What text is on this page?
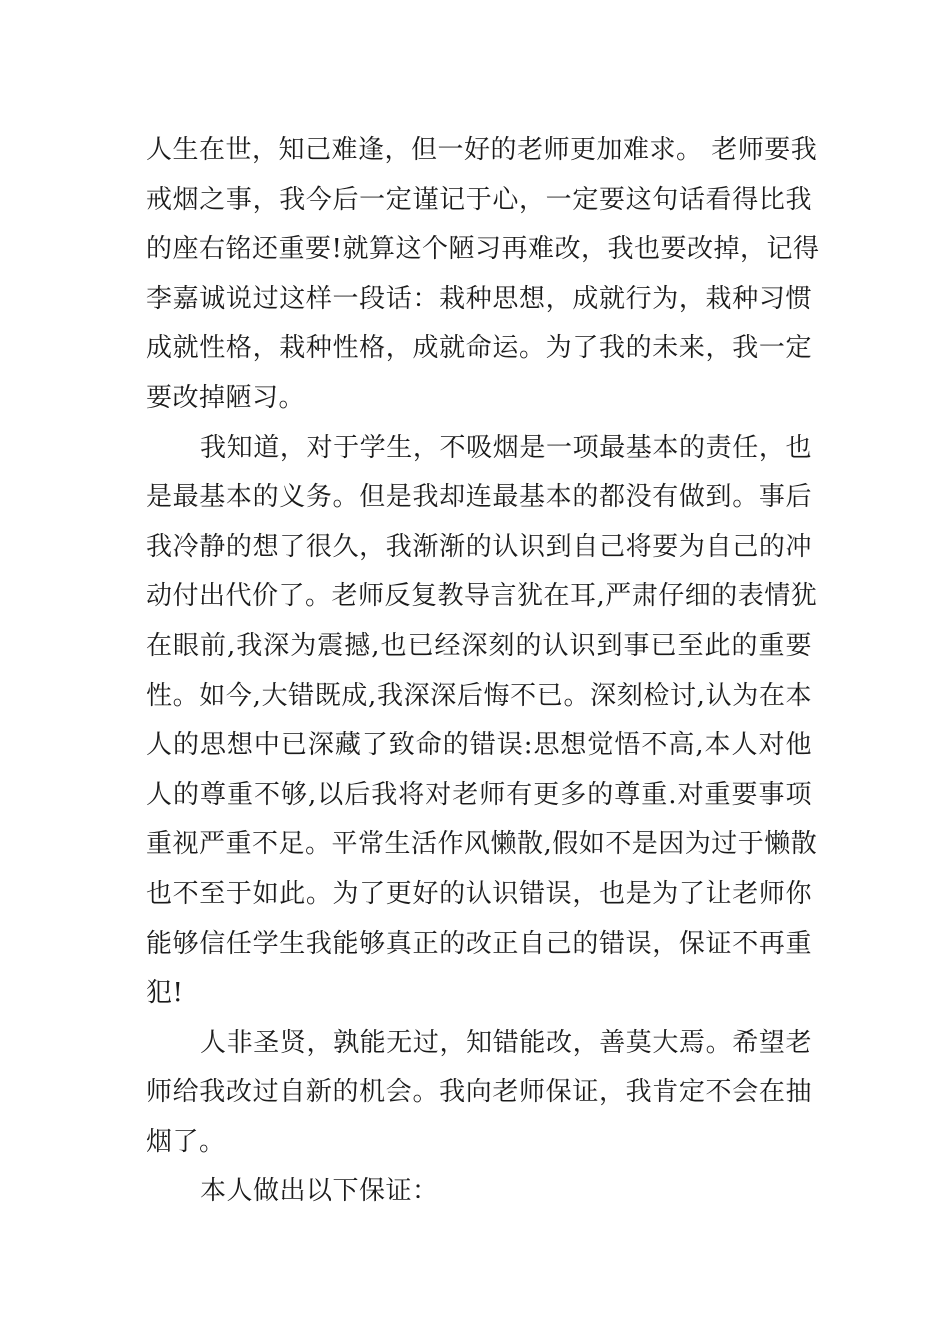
人生在世，知己难逢，但一好的老师更加难求。 老师要我
戒烟之事，我今后一定谨记于心，一定要这句话看得比我
的座右铭还重要!就算这个陋习再难改，我也要改掉，记得
李嘉诚说过这样一段话：栽种思想，成就行为，栽种习惯
成就性格，栽种性格，成就命运。为了我的未来，我一定
要改掉陋习。
我知道，对于学生，不吸烟是一项最基本的责任，也
是最基本的义务。但是我却连最基本的都没有做到。事后
我冷静的想了很久，我渐渐的认识到自己将要为自己的冲
动付出代价了。老师反复教导言犹在耳,严肃仔细的表情犹
在眼前,我深为震撼,也已经深刻的认识到事已至此的重要
性。如今,大错既成,我深深后悔不已。深刻检讨,认为在本
人的思想中已深藏了致命的错误:思想觉悟不高,本人对他
人的尊重不够,以后我将对老师有更多的尊重.对重要事项
重视严重不足。平常生活作风懒散,假如不是因为过于懒散
也不至于如此。为了更好的认识错误，也是为了让老师你
能够信任学生我能够真正的改正自己的错误，保证不再重
犯!
人非圣贤，孰能无过，知错能改，善莫大焉。希望老
师给我改过自新的机会。我向老师保证，我肯定不会在抽
烟了。
本人做出以下保证：
